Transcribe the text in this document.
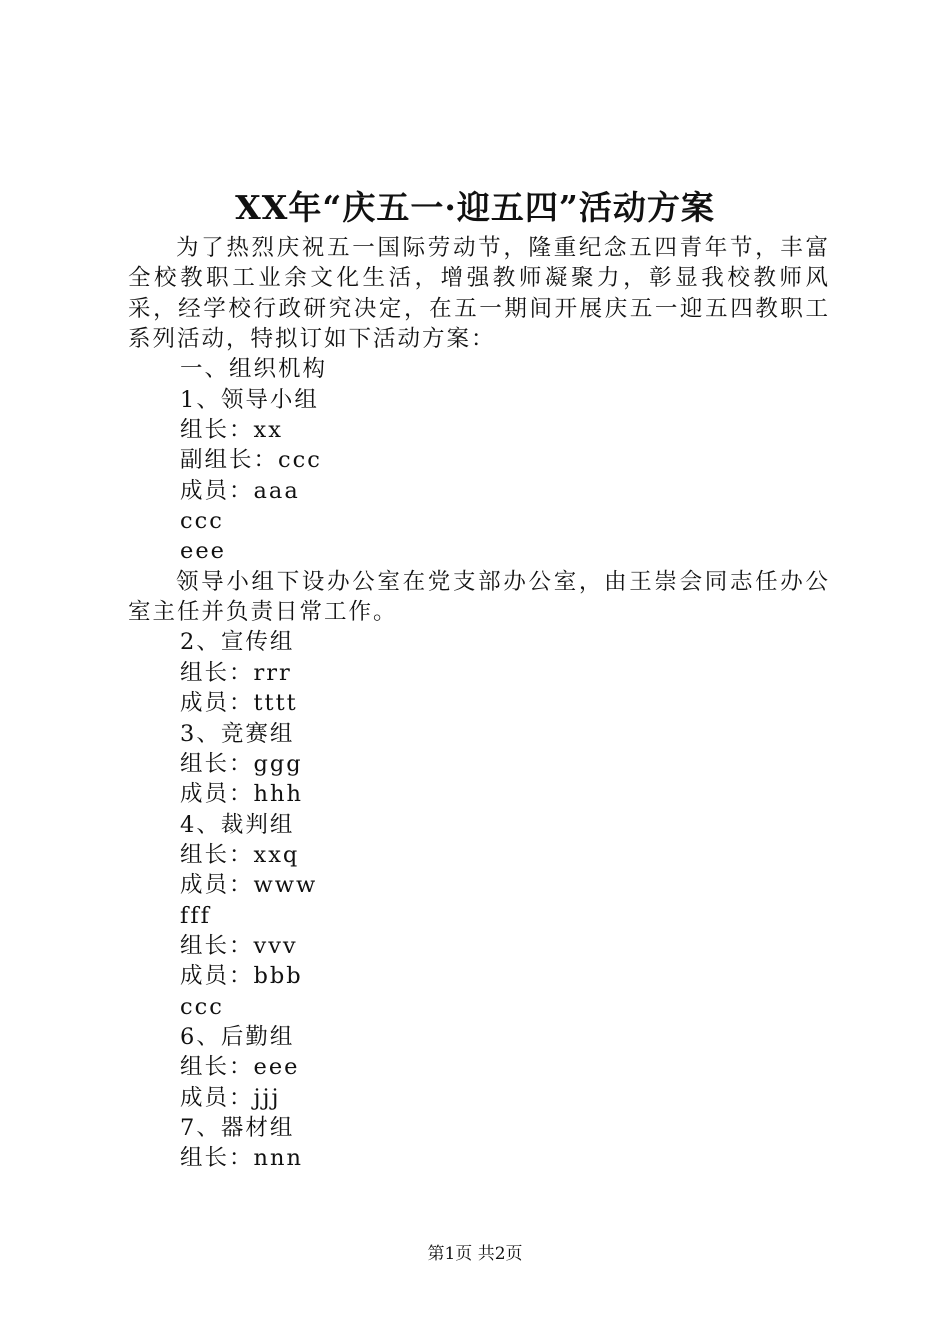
XX年“庆五一·迎五四”活动方案

为了热烈庆祝五一国际劳动节，隆重纪念五四青年节，丰富全校教职工业余文化生活，增强教师凝聚力，彰显我校教师风采，经学校行政研究决定，在五一期间开展庆五一迎五四教职工系列活动，特拟订如下活动方案：

一、组织机构

1、领导小组

组长：xx

副组长：ccc

成员：aaa

ccc

eee

领导小组下设办公室在党支部办公室，由王崇会同志任办公室主任并负责日常工作。

2、宣传组

组长：rrr

成员：tttt

3、竞赛组

组长：ggg

成员：hhh

4、裁判组

组长：xxq

成员：www

fff

组长：vvv

成员：bbb

ccc

6、后勤组

组长：eee

成员：jjj

7、器材组

组长：nnn

第1页 共2页
